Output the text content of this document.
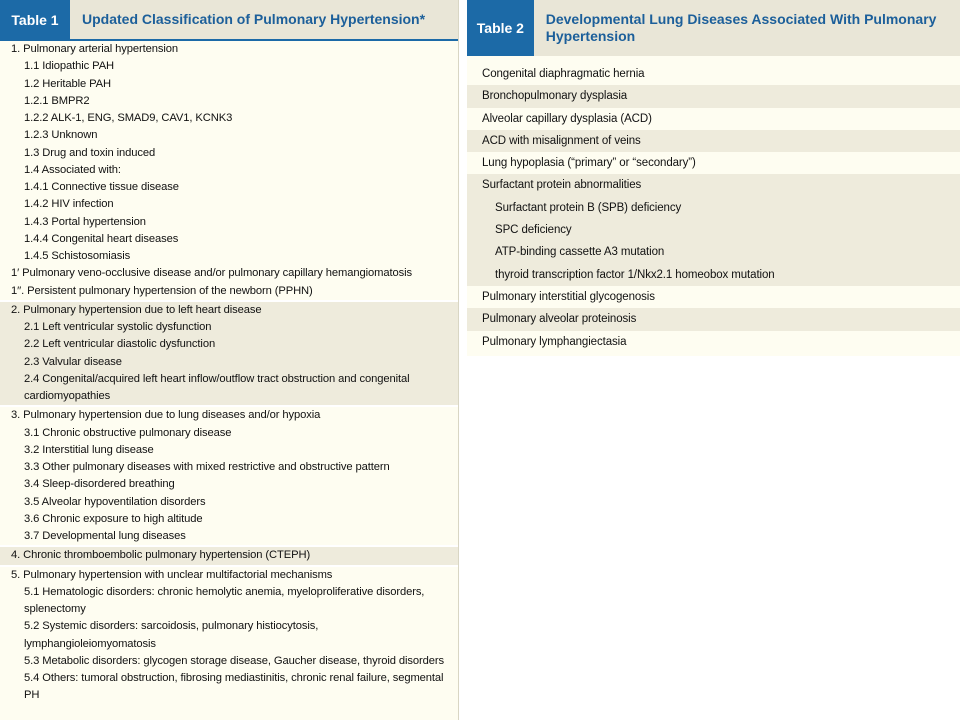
Table 1	Updated Classification of Pulmonary Hypertension*
1. Pulmonary arterial hypertension
1.1 Idiopathic PAH
1.2 Heritable PAH
1.2.1 BMPR2
1.2.2 ALK-1, ENG, SMAD9, CAV1, KCNK3
1.2.3 Unknown
1.3 Drug and toxin induced
1.4 Associated with:
1.4.1 Connective tissue disease
1.4.2 HIV infection
1.4.3 Portal hypertension
1.4.4 Congenital heart diseases
1.4.5 Schistosomiasis
1′ Pulmonary veno-occlusive disease and/or pulmonary capillary hemangiomatosis
1′′. Persistent pulmonary hypertension of the newborn (PPHN)
2. Pulmonary hypertension due to left heart disease
2.1 Left ventricular systolic dysfunction
2.2 Left ventricular diastolic dysfunction
2.3 Valvular disease
2.4 Congenital/acquired left heart inflow/outflow tract obstruction and congenital cardiomyopathies
3. Pulmonary hypertension due to lung diseases and/or hypoxia
3.1 Chronic obstructive pulmonary disease
3.2 Interstitial lung disease
3.3 Other pulmonary diseases with mixed restrictive and obstructive pattern
3.4 Sleep-disordered breathing
3.5 Alveolar hypoventilation disorders
3.6 Chronic exposure to high altitude
3.7 Developmental lung diseases
4. Chronic thromboembolic pulmonary hypertension (CTEPH)
5. Pulmonary hypertension with unclear multifactorial mechanisms
5.1 Hematologic disorders: chronic hemolytic anemia, myeloproliferative disorders, splenectomy
5.2 Systemic disorders: sarcoidosis, pulmonary histiocytosis, lymphangioleiomyomatosis
5.3 Metabolic disorders: glycogen storage disease, Gaucher disease, thyroid disorders
5.4 Others: tumoral obstruction, fibrosing mediastinitis, chronic renal failure, segmental PH
Table 2
Developmental Lung Diseases Associated With Pulmonary Hypertension
Congenital diaphragmatic hernia
Bronchopulmonary dysplasia
Alveolar capillary dysplasia (ACD)
ACD with misalignment of veins
Lung hypoplasia (“primary” or “secondary”)
Surfactant protein abnormalities
Surfactant protein B (SPB) deficiency
SPC deficiency
ATP-binding cassette A3 mutation
thyroid transcription factor 1/Nkx2.1 homeobox mutation
Pulmonary interstitial glycogenosis
Pulmonary alveolar proteinosis
Pulmonary lymphangiectasia
